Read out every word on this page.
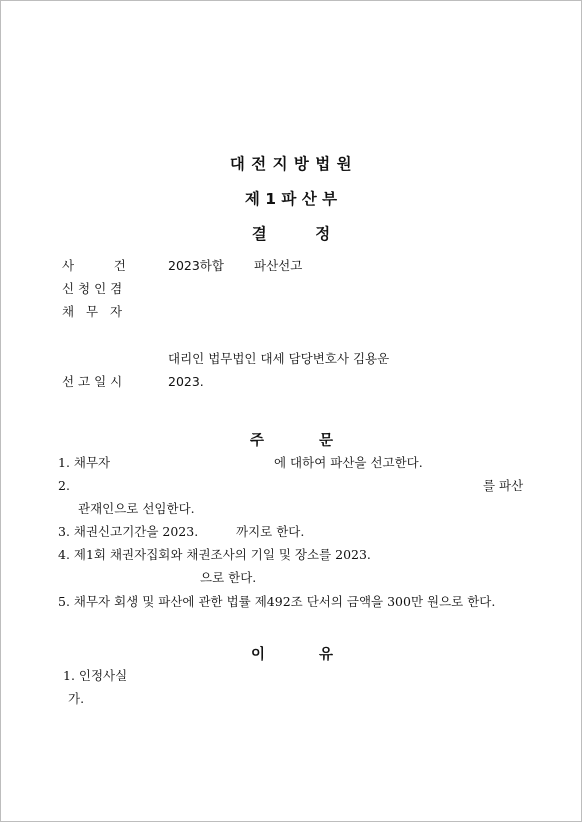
대 전 지 방 법 원
제 1 파 산 부
결         정
사          건	2023하합 파산선고
신 청 인 겸
채   무   자
대리인 법무법인 대세 담당변호사 김용운
선 고 일 시	2023.
주	문
1. 채무자	에 대하여 파산을 선고한다.
2.	를 파산
관재인으로 선임한다.
3. 채권신고기간을 2023.	까지로 한다.
4. 제1회 채권자집회와 채권조사의 기일 및 장소를 2023.
으로 한다.
5. 채무자 회생 및 파산에 관한 법률 제492조 단서의 금액을 300만 원으로 한다.
이	유
1. 인정사실
가.
